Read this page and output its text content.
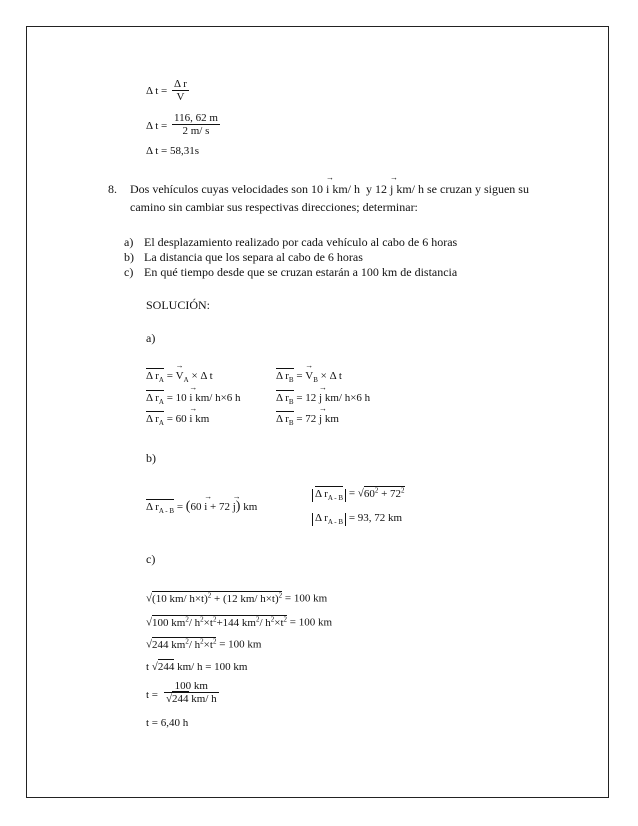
Δ $t = \frac{\text{Δ r}}{V}$
Δ $t = \frac{116, 62 m}{2 m/ s}$
Δ t = 58,31s
8. Dos vehículos cuyas velocidades son 10 → i km/ h  y 12 → j km/ h se cruzan y siguen su
camino sin cambiar sus respectivas direcciones; determinar:
a) El desplazamiento realizado por cada vehículo al cabo de 6 horas
b) La distancia que los separa al cabo de 6 horas
c) En qué tiempo desde que se cruzan estarán a 100 km de distancia
SOLUCIÓN:
a)
Δ $r_A$ = → $V_A \times \Delta$ t
Δ $r_A = 10 \to i$ km/ h×6 h
Δ $r_A = 60 \to i$ km
Δ $r_B$ = → $V_B \times \Delta$ t
Δ $r_B = 12 \to j$ km/ h×6 h
Δ $r_B = 72 \to j$ km
b)
Δ $r_{A - B} = (60 \to i + 72 \to j)$ km
Δ $r_{A - B} = √60^2 + 72^2$
Δ $r_{A - B} = 93$, 72 km
c)
√(10 km/ h×t)$^2$ + (12 km/ h×t)$^2$ = 100 km
√100 $km^2/$ $h^2\times t^2+144$ $km^2/$ $h^2\times t^2 = 100$ km
√244 $km^2/$ $h^2\times t^2 = 100$ km
t √244 km/ h = 100 km
$t = \frac{100 km}{√244 km/ h}$
t = 6,40 h
